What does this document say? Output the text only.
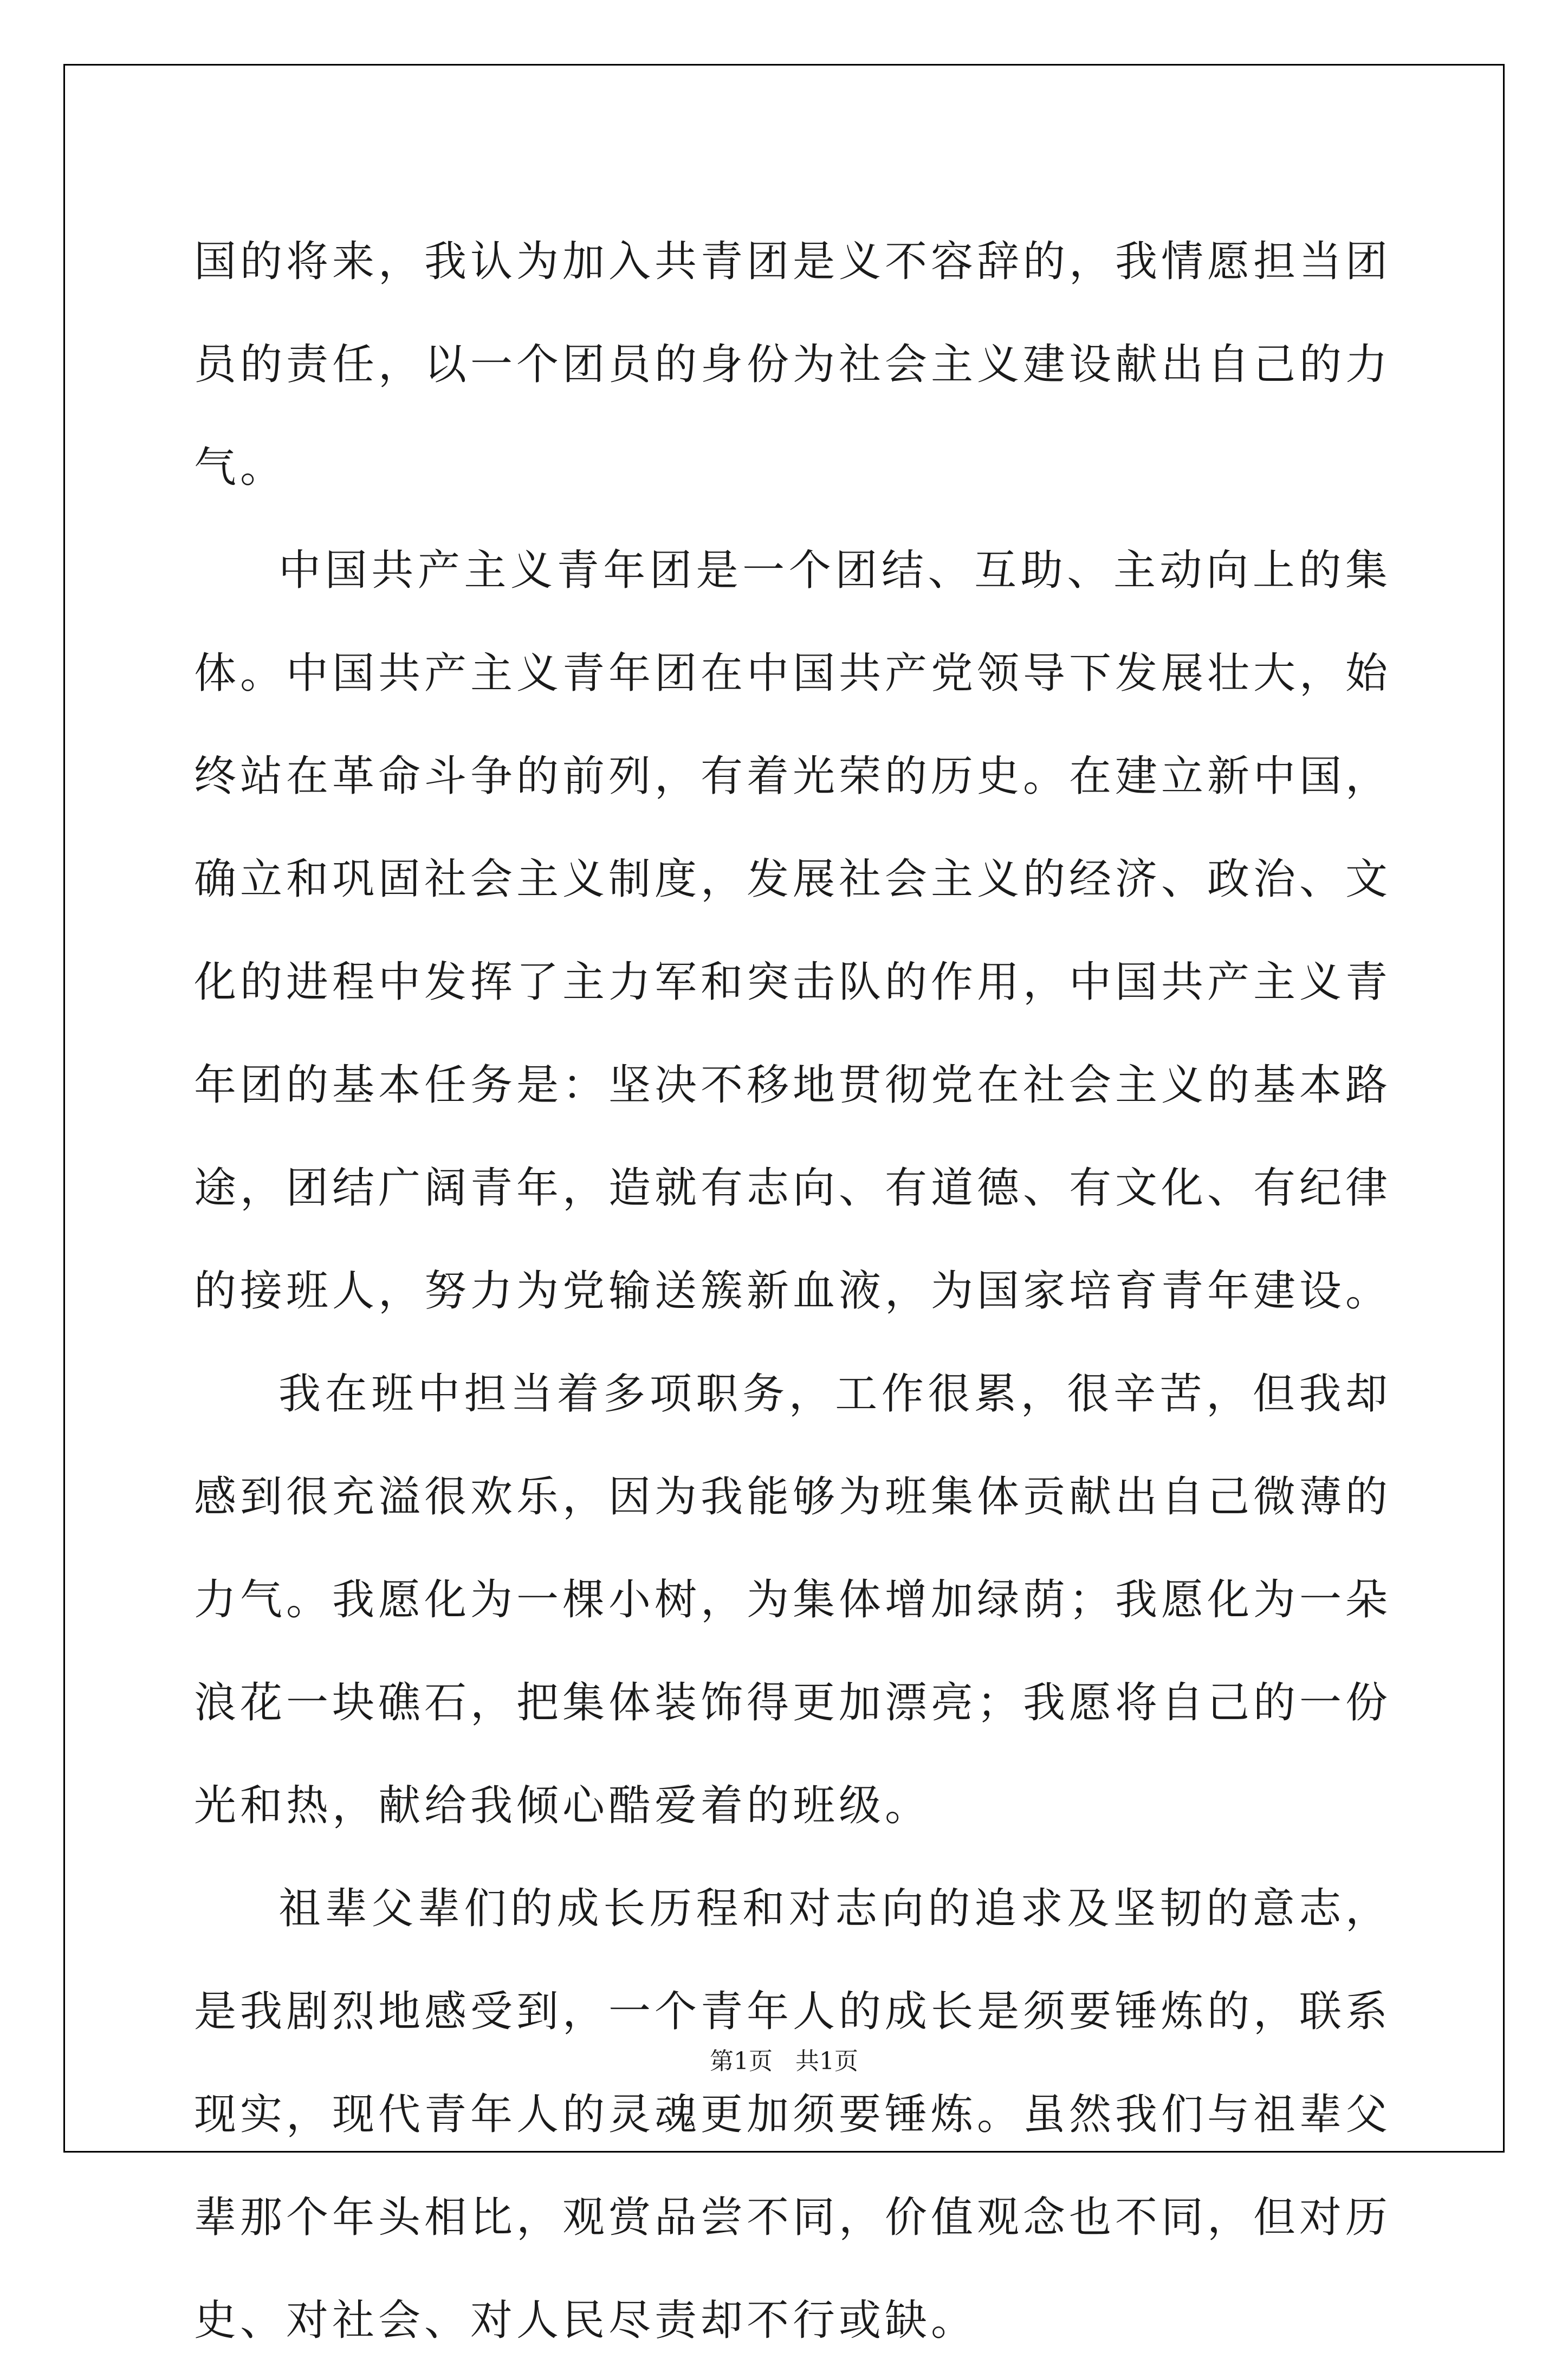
国的将来，我认为加入共青团是义不容辞的，我情愿担当团员的责任，以一个团员的身份为社会主义建设献出自己的力气。

中国共产主义青年团是一个团结、互助、主动向上的集体。中国共产主义青年团在中国共产党领导下发展壮大，始终站在革命斗争的前列，有着光荣的历史。在建立新中国，确立和巩固社会主义制度，发展社会主义的经济、政治、文化的进程中发挥了主力军和突击队的作用，中国共产主义青年团的基本任务是：坚决不移地贯彻党在社会主义的基本路途，团结广阔青年，造就有志向、有道德、有文化、有纪律的接班人，努力为党输送簇新血液，为国家培育青年建设。

我在班中担当着多项职务，工作很累，很辛苦，但我却感到很充溢很欢乐，因为我能够为班集体贡献出自己微薄的力气。我愿化为一棵小树，为集体增加绿荫；我愿化为一朵浪花一块礁石，把集体装饰得更加漂亮；我愿将自己的一份光和热，献给我倾心酷爱着的班级。

祖辈父辈们的成长历程和对志向的追求及坚韧的意志，是我剧烈地感受到，一个青年人的成长是须要锤炼的，联系现实，现代青年人的灵魂更加须要锤炼。虽然我们与祖辈父辈那个年头相比，观赏品尝不同，价值观念也不同，但对历史、对社会、对人民尽责却不行或缺。

第1页   共1页
